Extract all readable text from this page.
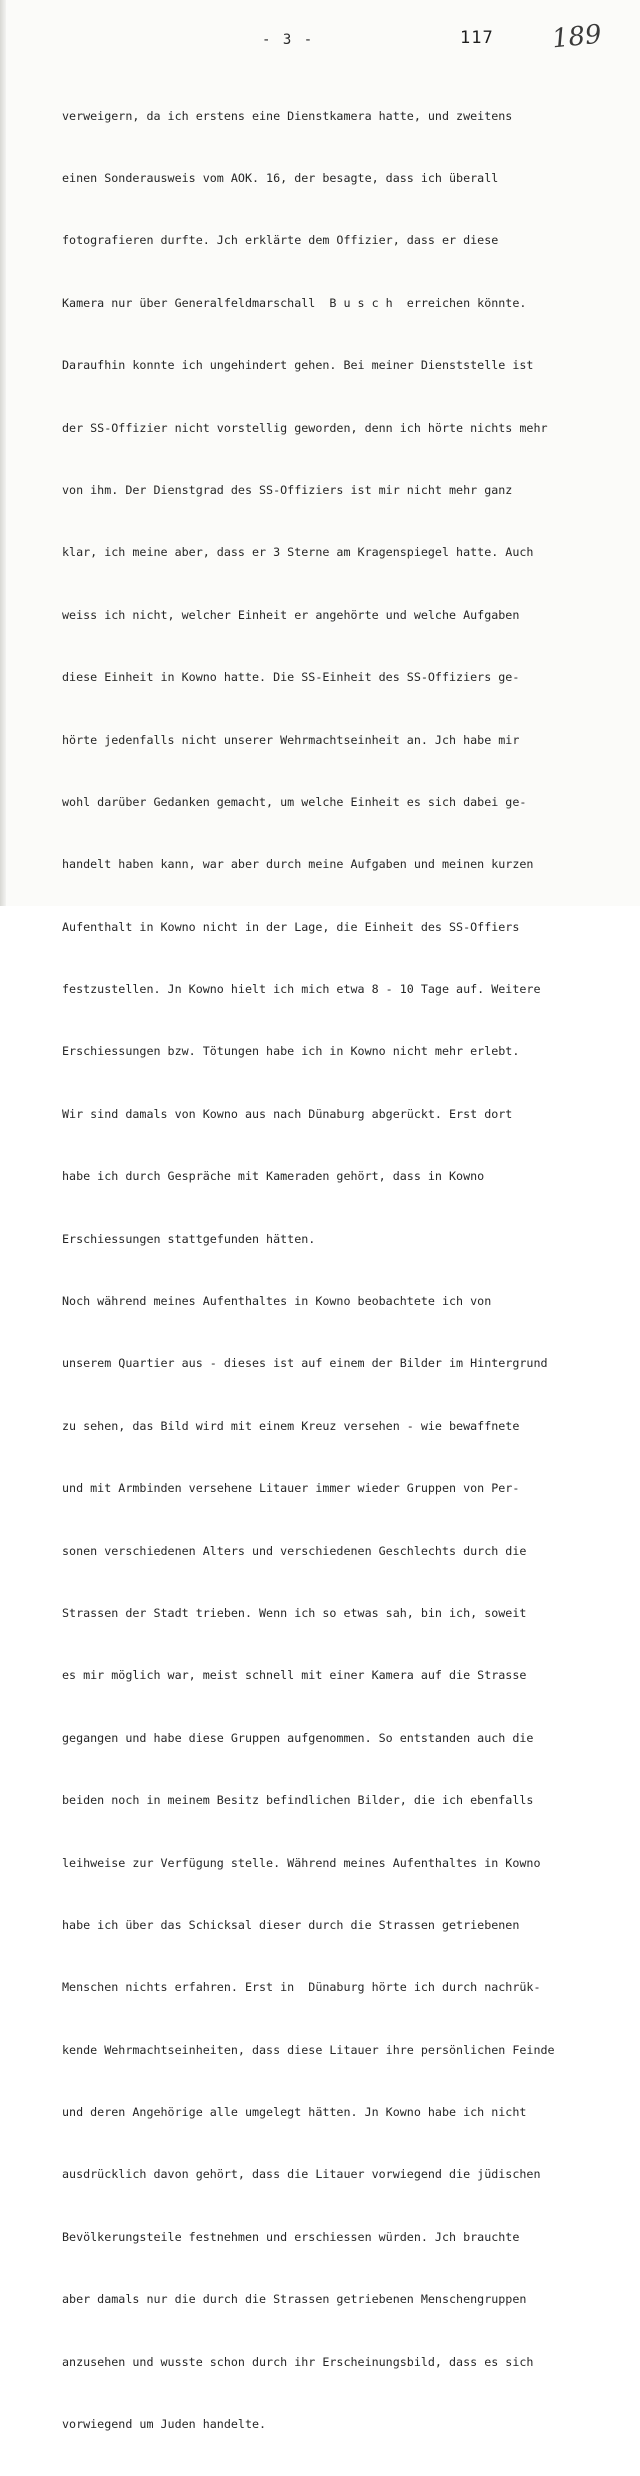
- 3 -	117 189

verweigern, da ich erstens eine Dienstkamera hatte, und zweitens

einen Sonderausweis vom AOK. 16, der besagte, dass ich überall

fotografieren durfte. Jch erklärte dem Offizier, dass er diese

Kamera nur über Generalfeldmarschall  B u s c h  erreichen könnte.

Daraufhin konnte ich ungehindert gehen. Bei meiner Dienststelle ist

der SS-Offizier nicht vorstellig geworden, denn ich hörte nichts mehr

von ihm. Der Dienstgrad des SS-Offiziers ist mir nicht mehr ganz

klar, ich meine aber, dass er 3 Sterne am Kragenspiegel hatte. Auch

weiss ich nicht, welcher Einheit er angehörte und welche Aufgaben

diese Einheit in Kowno hatte. Die SS-Einheit des SS-Offiziers ge-

hörte jedenfalls nicht unserer Wehrmachtseinheit an. Jch habe mir

wohl darüber Gedanken gemacht, um welche Einheit es sich dabei ge-

handelt haben kann, war aber durch meine Aufgaben und meinen kurzen

Aufenthalt in Kowno nicht in der Lage, die Einheit des SS-Offiers

festzustellen. Jn Kowno hielt ich mich etwa 8 - 10 Tage auf. Weitere

Erschiessungen bzw. Tötungen habe ich in Kowno nicht mehr erlebt.

Wir sind damals von Kowno aus nach Dünaburg abgerückt. Erst dort

habe ich durch Gespräche mit Kameraden gehört, dass in Kowno

Erschiessungen stattgefunden hätten.

Noch während meines Aufenthaltes in Kowno beobachtete ich von

unserem Quartier aus - dieses ist auf einem der Bilder im Hintergrund

zu sehen, das Bild wird mit einem Kreuz versehen - wie bewaffnete

und mit Armbinden versehene Litauer immer wieder Gruppen von Per-

sonen verschiedenen Alters und verschiedenen Geschlechts durch die

Strassen der Stadt trieben. Wenn ich so etwas sah, bin ich, soweit

es mir möglich war, meist schnell mit einer Kamera auf die Strasse

gegangen und habe diese Gruppen aufgenommen. So entstanden auch die

beiden noch in meinem Besitz befindlichen Bilder, die ich ebenfalls

leihweise zur Verfügung stelle. Während meines Aufenthaltes in Kowno

habe ich über das Schicksal dieser durch die Strassen getriebenen

Menschen nichts erfahren. Erst in  Dünaburg hörte ich durch nachrük-

kende Wehrmachtseinheiten, dass diese Litauer ihre persönlichen Feinde

und deren Angehörige alle umgelegt hätten. Jn Kowno habe ich nicht

ausdrücklich davon gehört, dass die Litauer vorwiegend die jüdischen

Bevölkerungsteile festnehmen und erschiessen würden. Jch brauchte

aber damals nur die durch die Strassen getriebenen Menschengruppen

anzusehen und wusste schon durch ihr Erscheinungsbild, dass es sich

vorwiegend um Juden handelte.
